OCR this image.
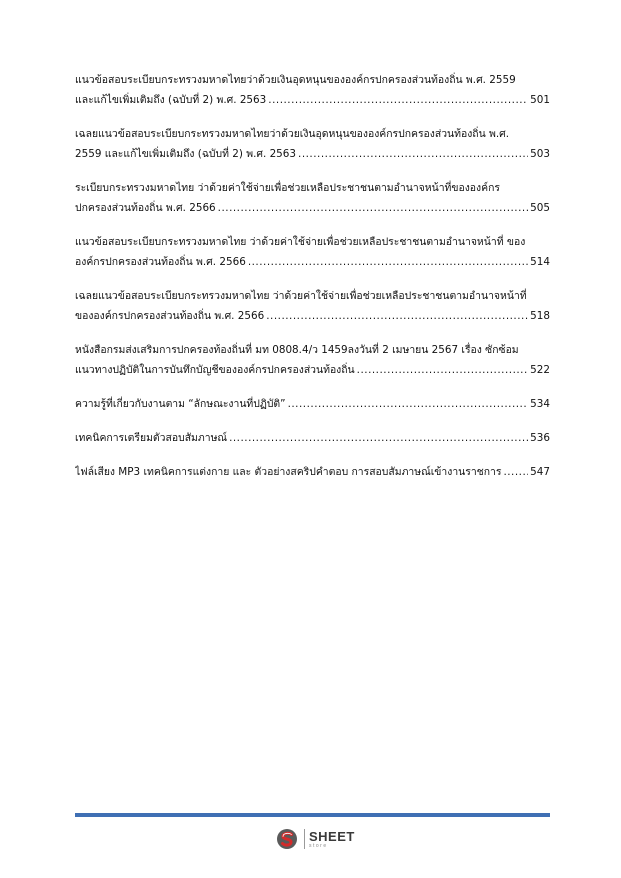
แนวข้อสอบระเบียบกระทรวงมหาดไทยว่าด้วยเงินอุดหนุนขององค์กรปกครองส่วนท้องถิ่น พ.ศ. 2559
และแก้ไขเพิ่มเติมถึง (ฉบับที่ 2) พ.ศ. 2563 .....	501
เฉลยแนวข้อสอบระเบียบกระทรวงมหาดไทยว่าด้วยเงินอุดหนุนขององค์กรปกครองส่วนท้องถิ่น พ.ศ.
2559 และแก้ไขเพิ่มเติมถึง (ฉบับที่ 2) พ.ศ. 2563 .....	503
ระเบียบกระทรวงมหาดไทย ว่าด้วยค่าใช้จ่ายเพื่อช่วยเหลือประชาชนตามอำนาจหน้าที่ขององค์กร
ปกครองส่วนท้องถิ่น พ.ศ. 2566 .....	505
แนวข้อสอบระเบียบกระทรวงมหาดไทย ว่าด้วยค่าใช้จ่ายเพื่อช่วยเหลือประชาชนตามอำนาจหน้าที่ ของ
องค์กรปกครองส่วนท้องถิ่น พ.ศ. 2566 .....	514
เฉลยแนวข้อสอบระเบียบกระทรวงมหาดไทย ว่าด้วยค่าใช้จ่ายเพื่อช่วยเหลือประชาชนตามอำนาจหน้าที่
ขององค์กรปกครองส่วนท้องถิ่น พ.ศ. 2566 .....	518
หนังสือกรมส่งเสริมการปกครองท้องถิ่นที่ มท 0808.4/ว 1459ลงวันที่ 2 เมษายน 2567 เรื่อง ซักซ้อม
แนวทางปฏิบัติในการบันทึกบัญชีขององค์กรปกครองส่วนท้องถิ่น .....	522
ความรู้ที่เกี่ยวกับงานตาม “ลักษณะงานที่ปฏิบัติ” .....	534
เทคนิคการเตรียมตัวสอบสัมภาษณ์ .....	536
ไฟล์เสียง MP3 เทคนิคการแต่งกาย และ ตัวอย่างสคริปคำตอบ การสอบสัมภาษณ์เข้างานราชการ .....	547
SHEET
store
